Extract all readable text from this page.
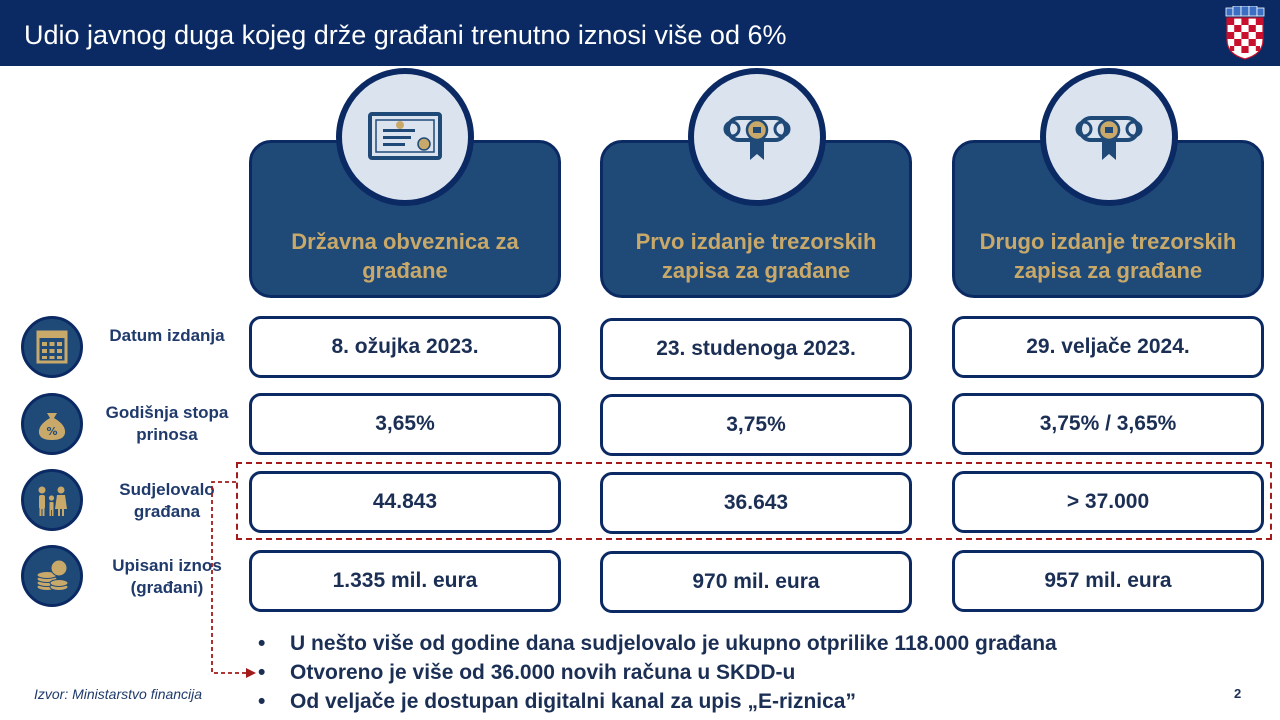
Udio javnog duga kojeg drže građani trenutno iznosi više od 6%
Državna obveznica za građane
Prvo izdanje trezorskih zapisa za građane
Drugo izdanje trezorskih zapisa za građane
Datum izdanja
%
Godišnja stopa prinosa
Sudjelovalo građana
Upisani iznos (građani)
8. ožujka 2023.
3,65%
44.843
1.335 mil. eura
23. studenoga 2023.
3,75%
36.643
970 mil. eura
29. veljače 2024.
3,75% / 3,65%
> 37.000
957 mil. eura
• U nešto više od godine dana sudjelovalo je ukupno otprilike 118.000 građana
• Otvoreno je više od 36.000 novih računa u SKDD-u
• Od veljače je dostupan digitalni kanal za upis „E-riznica”
Izvor: Ministarstvo financija	2
